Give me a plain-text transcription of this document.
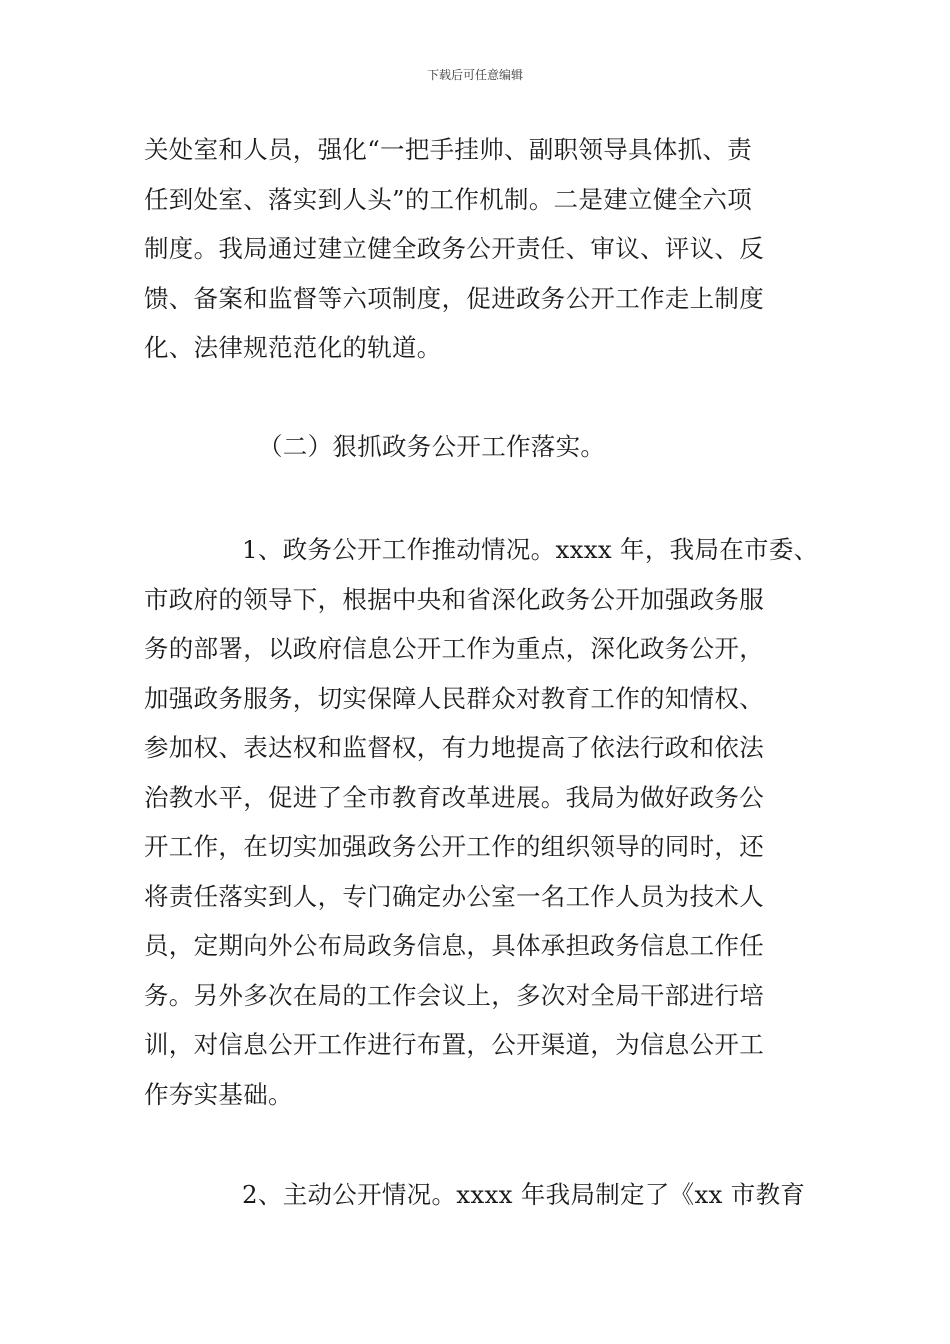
下载后可任意编辑
关处室和人员，强化“一把手挂帅、副职领导具体抓、责
任到处室、落实到人头”的工作机制。二是建立健全六项
制度。我局通过建立健全政务公开责任、审议、评议、反
馈、备案和监督等六项制度，促进政务公开工作走上制度
化、法律规范范化的轨道。
（二）狠抓政务公开工作落实。
1、政务公开工作推动情况。xxxx 年，我局在市委、
市政府的领导下，根据中央和省深化政务公开加强政务服
务的部署，以政府信息公开工作为重点，深化政务公开，
加强政务服务，切实保障人民群众对教育工作的知情权、
参加权、表达权和监督权，有力地提高了依法行政和依法
治教水平，促进了全市教育改革进展。我局为做好政务公
开工作，在切实加强政务公开工作的组织领导的同时，还
将责任落实到人，专门确定办公室一名工作人员为技术人
员，定期向外公布局政务信息，具体承担政务信息工作任
务。另外多次在局的工作会议上，多次对全局干部进行培
训，对信息公开工作进行布置，公开渠道，为信息公开工
作夯实基础。
2、主动公开情况。xxxx 年我局制定了《xx 市教育
